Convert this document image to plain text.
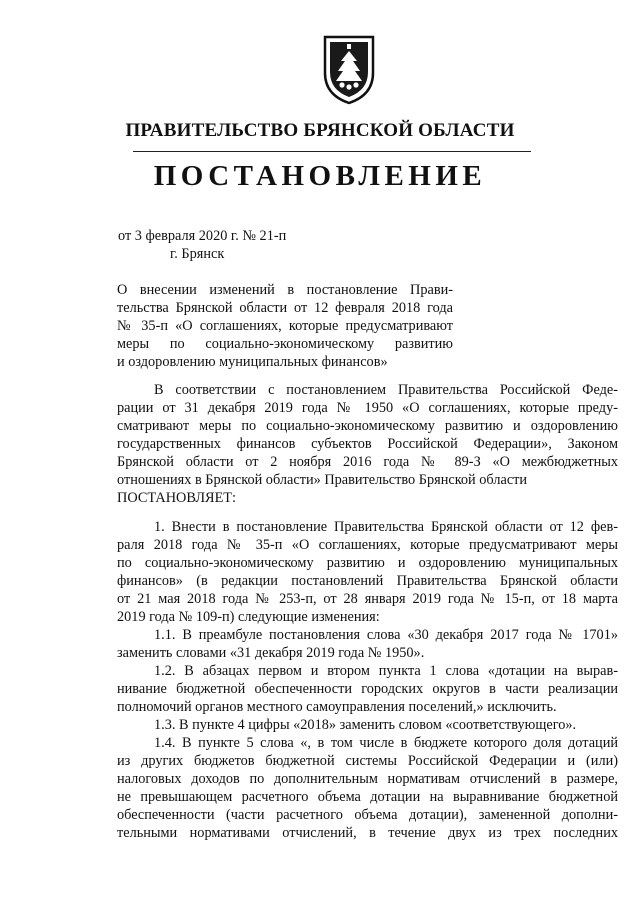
ПРАВИТЕЛЬСТВО БРЯНСКОЙ ОБЛАСТИ
ПОСТАНОВЛЕНИЕ
от 3 февраля 2020 г. № 21-п
г. Брянск
О внесении изменений в постановление Прави-
тельства Брянской области от 12 февраля 2018 года
№ 35-п «О соглашениях, которые предусматривают
меры по социально-экономическому развитию
и оздоровлению муниципальных финансов»
В соответствии с постановлением Правительства Российской Феде-
рации от 31 декабря 2019 года № 1950 «О соглашениях, которые преду-
сматривают меры по социально-экономическому развитию и оздоровлению
государственных финансов субъектов Российской Федерации», Законом
Брянской области от 2 ноября 2016 года № 89-З «О межбюджетных
отношениях в Брянской области» Правительство Брянской области
ПОСТАНОВЛЯЕТ:
1. Внести в постановление Правительства Брянской области от 12 фев-
раля 2018 года № 35-п «О соглашениях, которые предусматривают меры
по социально-экономическому развитию и оздоровлению муниципальных
финансов» (в редакции постановлений Правительства Брянской области
от 21 мая 2018 года № 253-п, от 28 января 2019 года № 15-п, от 18 марта
2019 года № 109-п) следующие изменения:
1.1. В преамбуле постановления слова «30 декабря 2017 года № 1701»
заменить словами «31 декабря 2019 года № 1950».
1.2. В абзацах первом и втором пункта 1 слова «дотации на вырав-
нивание бюджетной обеспеченности городских округов в части реализации
полномочий органов местного самоуправления поселений,» исключить.
1.3. В пункте 4 цифры «2018» заменить словом «соответствующего».
1.4. В пункте 5 слова «, в том числе в бюджете которого доля дотаций
из других бюджетов бюджетной системы Российской Федерации и (или)
налоговых доходов по дополнительным нормативам отчислений в размере,
не превышающем расчетного объема дотации на выравнивание бюджетной
обеспеченности (части расчетного объема дотации), замененной дополни-
тельными нормативами отчислений, в течение двух из трех последних
